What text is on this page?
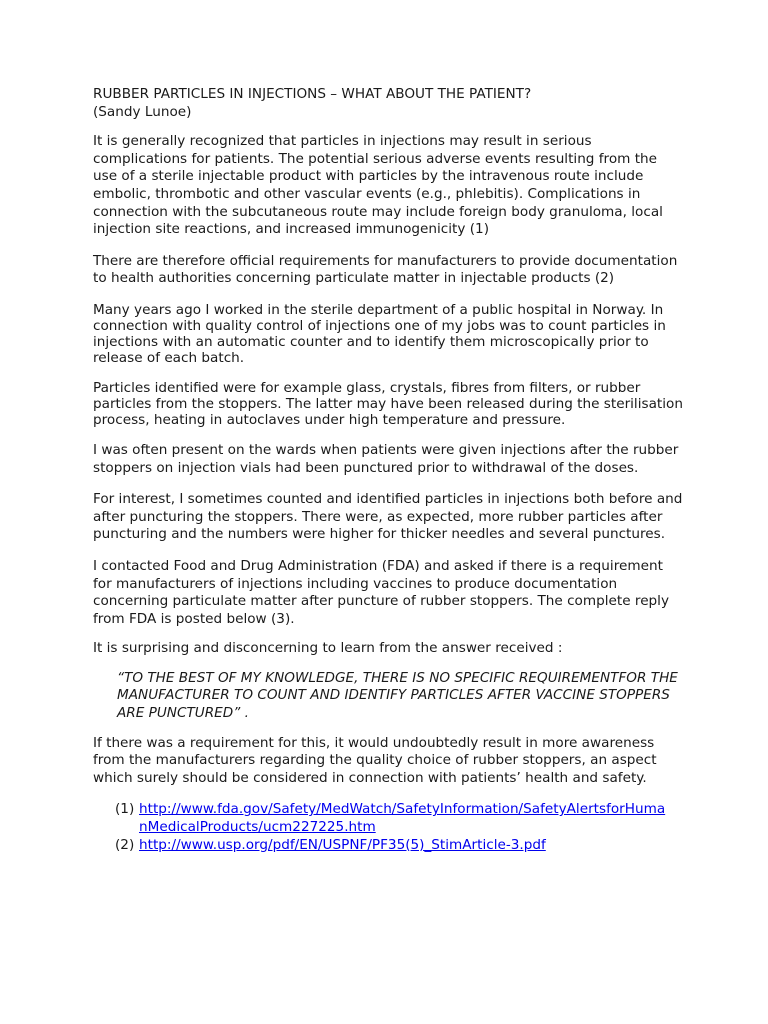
RUBBER PARTICLES IN INJECTIONS – WHAT ABOUT THE PATIENT?

(Sandy Lunoe)

It is generally recognized that particles in injections may result in serious complications for patients. The potential serious adverse events resulting from the use of a sterile injectable product with particles by the intravenous route include embolic, thrombotic and other vascular events (e.g., phlebitis). Complications in connection with the subcutaneous route may include foreign body granuloma, local injection site reactions, and increased immunogenicity (1)

There are therefore official requirements for manufacturers to provide documentation to health authorities concerning particulate matter in injectable products (2)

Many years ago I worked in the sterile department of a public hospital in Norway. In connection with quality control of injections one of my jobs was to count particles in injections with an automatic counter and to identify them microscopically prior to release of each batch.

Particles identified were for example glass, crystals, fibres from filters, or rubber particles from the stoppers. The latter may have been released during the sterilisation process, heating in autoclaves under high temperature and pressure.

I was often present on the wards when patients were given injections after the rubber stoppers on injection vials had been punctured prior to withdrawal of the doses.

For interest, I sometimes counted and identified particles in injections both before and after puncturing the stoppers. There were, as expected, more rubber particles after puncturing and the numbers were higher for thicker needles and several punctures.

I contacted Food and Drug Administration (FDA) and asked if there is a requirement for manufacturers of injections including vaccines to produce documentation concerning particulate matter after puncture of rubber stoppers. The complete reply from FDA is posted below (3).

It is surprising and disconcerning to learn from the answer received :

“TO THE BEST OF MY KNOWLEDGE, THERE IS NO SPECIFIC REQUIREMENTFOR THE MANUFACTURER TO COUNT AND IDENTIFY PARTICLES AFTER VACCINE STOPPERS ARE PUNCTURED” .

If there was a requirement for this, it would undoubtedly result in more awareness from the manufacturers regarding the quality choice of rubber stoppers, an aspect which surely should be considered in connection with patients’ health and safety.

(1) http://www.fda.gov/Safety/MedWatch/SafetyInformation/SafetyAlertsforHumanMedicalProducts/ucm227225.htm
(2) http://www.usp.org/pdf/EN/USPNF/PF35(5)_StimArticle-3.pdf
